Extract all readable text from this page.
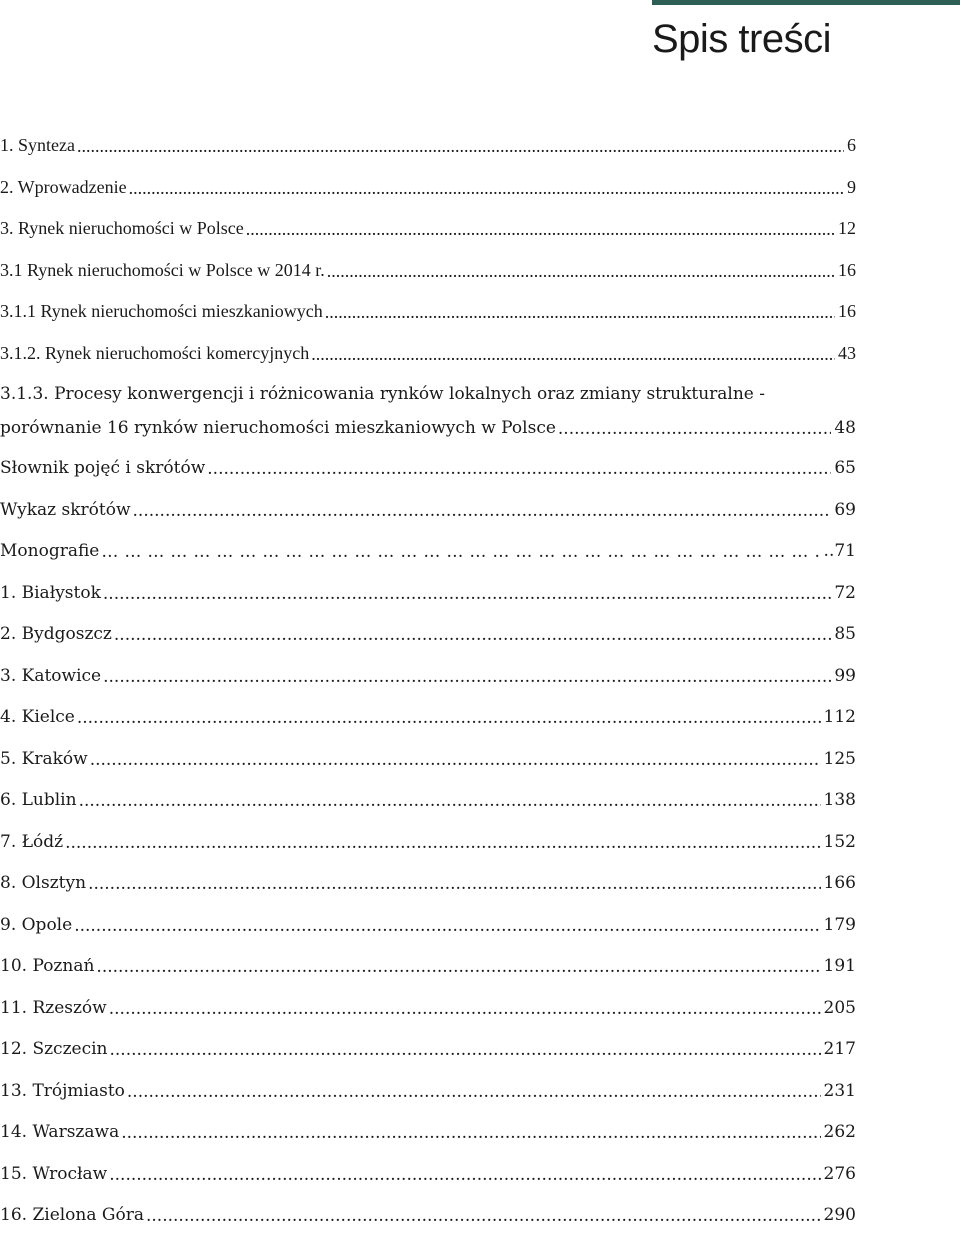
Spis treści
1. Synteza .....	6
2. Wprowadzenie .....	9
3. Rynek nieruchomości w Polsce .....	12
3.1 Rynek nieruchomości w Polsce w 2014 r. .....	16
3.1.1 Rynek nieruchomości mieszkaniowych .....	16
3.1.2. Rynek nieruchomości komercyjnych .....	43
3.1.3. Procesy konwergencji i różnicowania rynków lokalnych oraz zmiany strukturalne -
porównanie 16 rynków nieruchomości mieszkaniowych w Polsce .....	48
Słownik pojęć i skrótów .....	65
Wykaz skrótów .....	69
Monografie …………………………………………………………………………………………………………………………………	..71
1. Białystok .....	72
2. Bydgoszcz .....	85
3. Katowice .....	99
4. Kielce .....	112
5. Kraków .....	125
6. Lublin .....	138
7. Łódź .....	152
8. Olsztyn .....	166
9. Opole .....	179
10. Poznań .....	191
11. Rzeszów .....	205
12. Szczecin .....	217
13. Trójmiasto .....	231
14. Warszawa .....	262
15. Wrocław .....	276
16. Zielona Góra .....	290
